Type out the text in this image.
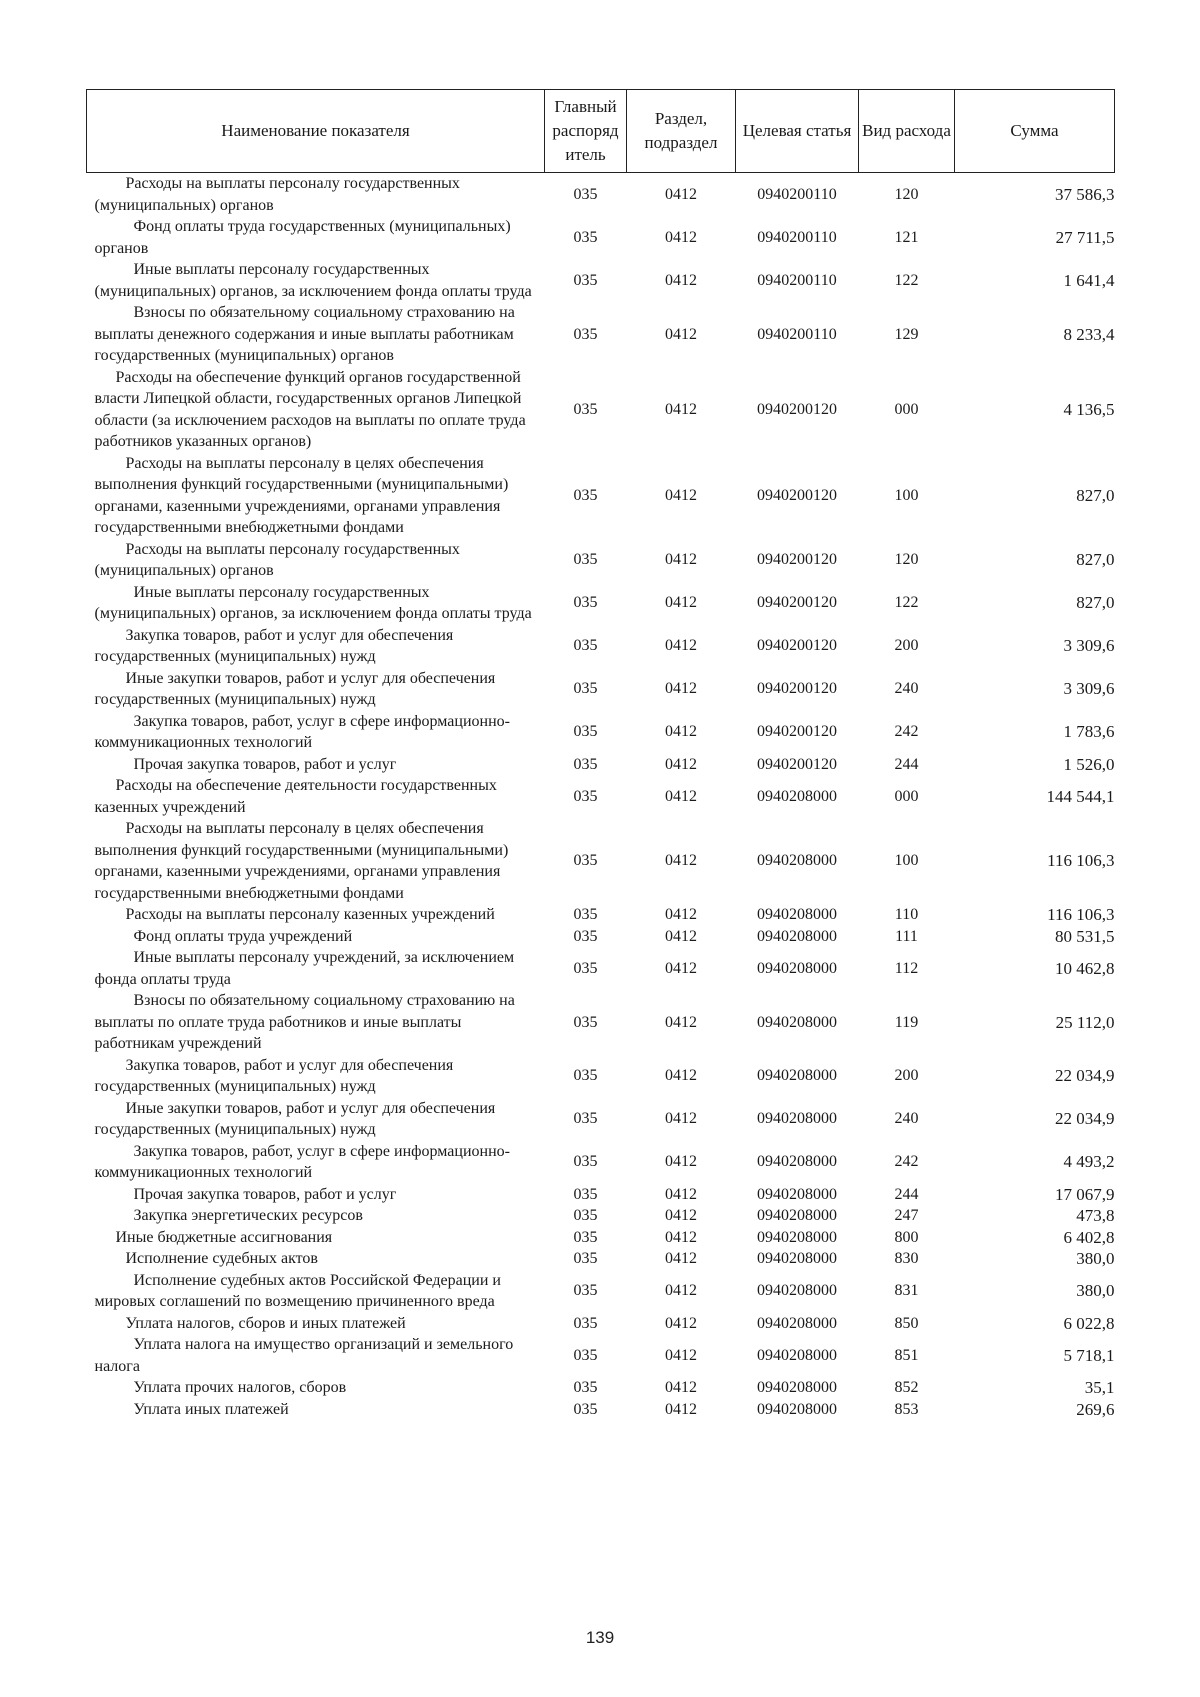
Наименование показателя	Главный распоряд итель	Раздел, подраздел	Целевая статья	Вид расхода	Сумма
Расходы на выплаты персоналу государственных (муниципальных) органов	035	0412	0940200110	120	37 586,3
Фонд оплаты труда государственных (муниципальных) органов	035	0412	0940200110	121	27 711,5
Иные выплаты персоналу государственных (муниципальных) органов, за исключением фонда оплаты труда	035	0412	0940200110	122	1 641,4
Взносы по обязательному социальному страхованию на выплаты денежного содержания и иные выплаты работникам государственных (муниципальных) органов	035	0412	0940200110	129	8 233,4
Расходы на обеспечение функций органов государственной власти Липецкой области, государственных органов Липецкой области (за исключением расходов на выплаты по оплате труда работников указанных органов)	035	0412	0940200120	000	4 136,5
Расходы на выплаты персоналу в целях обеспечения выполнения функций государственными (муниципальными) органами, казенными учреждениями, органами управления государственными внебюджетными фондами	035	0412	0940200120	100	827,0
Расходы на выплаты персоналу государственных (муниципальных) органов	035	0412	0940200120	120	827,0
Иные выплаты персоналу государственных (муниципальных) органов, за исключением фонда оплаты труда	035	0412	0940200120	122	827,0
Закупка товаров, работ и услуг для обеспечения государственных (муниципальных) нужд	035	0412	0940200120	200	3 309,6
Иные закупки товаров, работ и услуг для обеспечения государственных (муниципальных) нужд	035	0412	0940200120	240	3 309,6
Закупка товаров, работ, услуг в сфере информационно-коммуникационных технологий	035	0412	0940200120	242	1 783,6
Прочая закупка товаров, работ и услуг	035	0412	0940200120	244	1 526,0
Расходы на обеспечение деятельности государственных казенных учреждений	035	0412	0940208000	000	144 544,1
Расходы на выплаты персоналу в целях обеспечения выполнения функций государственными (муниципальными) органами, казенными учреждениями, органами управления государственными внебюджетными фондами	035	0412	0940208000	100	116 106,3
Расходы на выплаты персоналу казенных учреждений	035	0412	0940208000	110	116 106,3
Фонд оплаты труда учреждений	035	0412	0940208000	111	80 531,5
Иные выплаты персоналу учреждений, за исключением фонда оплаты труда	035	0412	0940208000	112	10 462,8
Взносы по обязательному социальному страхованию на выплаты по оплате труда работников и иные выплаты работникам учреждений	035	0412	0940208000	119	25 112,0
Закупка товаров, работ и услуг для обеспечения государственных (муниципальных) нужд	035	0412	0940208000	200	22 034,9
Иные закупки товаров, работ и услуг для обеспечения государственных (муниципальных) нужд	035	0412	0940208000	240	22 034,9
Закупка товаров, работ, услуг в сфере информационно-коммуникационных технологий	035	0412	0940208000	242	4 493,2
Прочая закупка товаров, работ и услуг	035	0412	0940208000	244	17 067,9
Закупка энергетических ресурсов	035	0412	0940208000	247	473,8
Иные бюджетные ассигнования	035	0412	0940208000	800	6 402,8
Исполнение судебных актов	035	0412	0940208000	830	380,0
Исполнение судебных актов Российской Федерации и мировых соглашений по возмещению причиненного вреда	035	0412	0940208000	831	380,0
Уплата налогов, сборов и иных платежей	035	0412	0940208000	850	6 022,8
Уплата налога на имущество организаций и земельного налога	035	0412	0940208000	851	5 718,1
Уплата прочих налогов, сборов	035	0412	0940208000	852	35,1
Уплата иных платежей	035	0412	0940208000	853	269,6
139
